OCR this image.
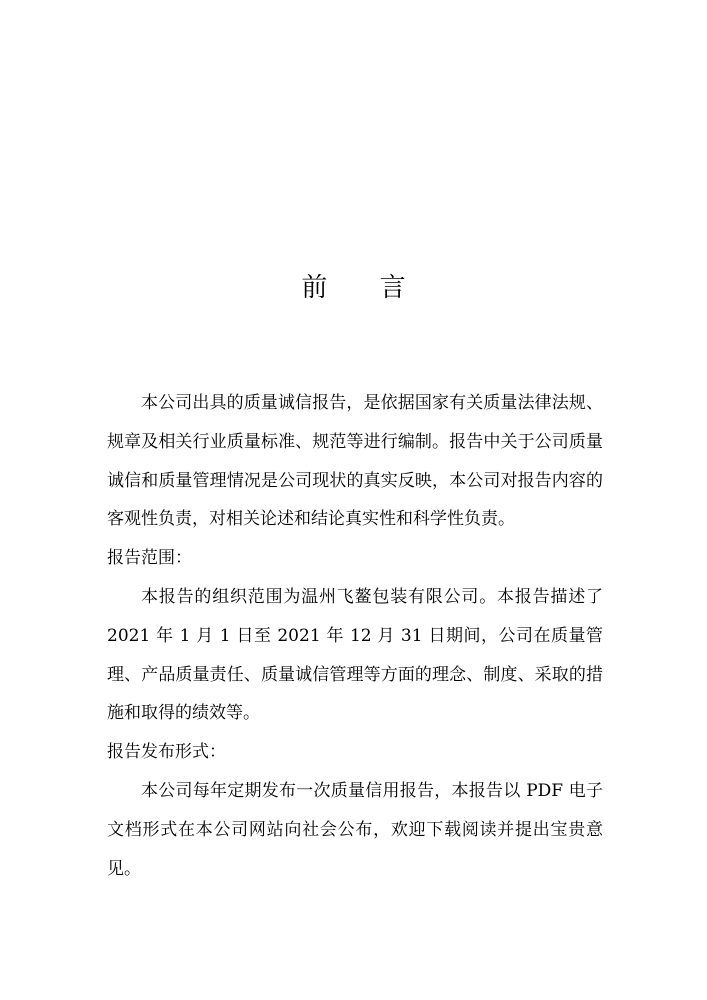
前 言

本公司出具的质量诚信报告，是依据国家有关质量法律法规、规章及相关行业质量标准、规范等进行编制。报告中关于公司质量诚信和质量管理情况是公司现状的真实反映，本公司对报告内容的客观性负责，对相关论述和结论真实性和科学性负责。

报告范围：

本报告的组织范围为温州飞鳌包装有限公司。本报告描述了 2021 年 1 月 1 日至 2021 年 12 月 31 日期间，公司在质量管理、产品质量责任、质量诚信管理等方面的理念、制度、采取的措施和取得的绩效等。

报告发布形式：

本公司每年定期发布一次质量信用报告，本报告以 PDF 电子文档形式在本公司网站向社会公布，欢迎下载阅读并提出宝贵意见。
